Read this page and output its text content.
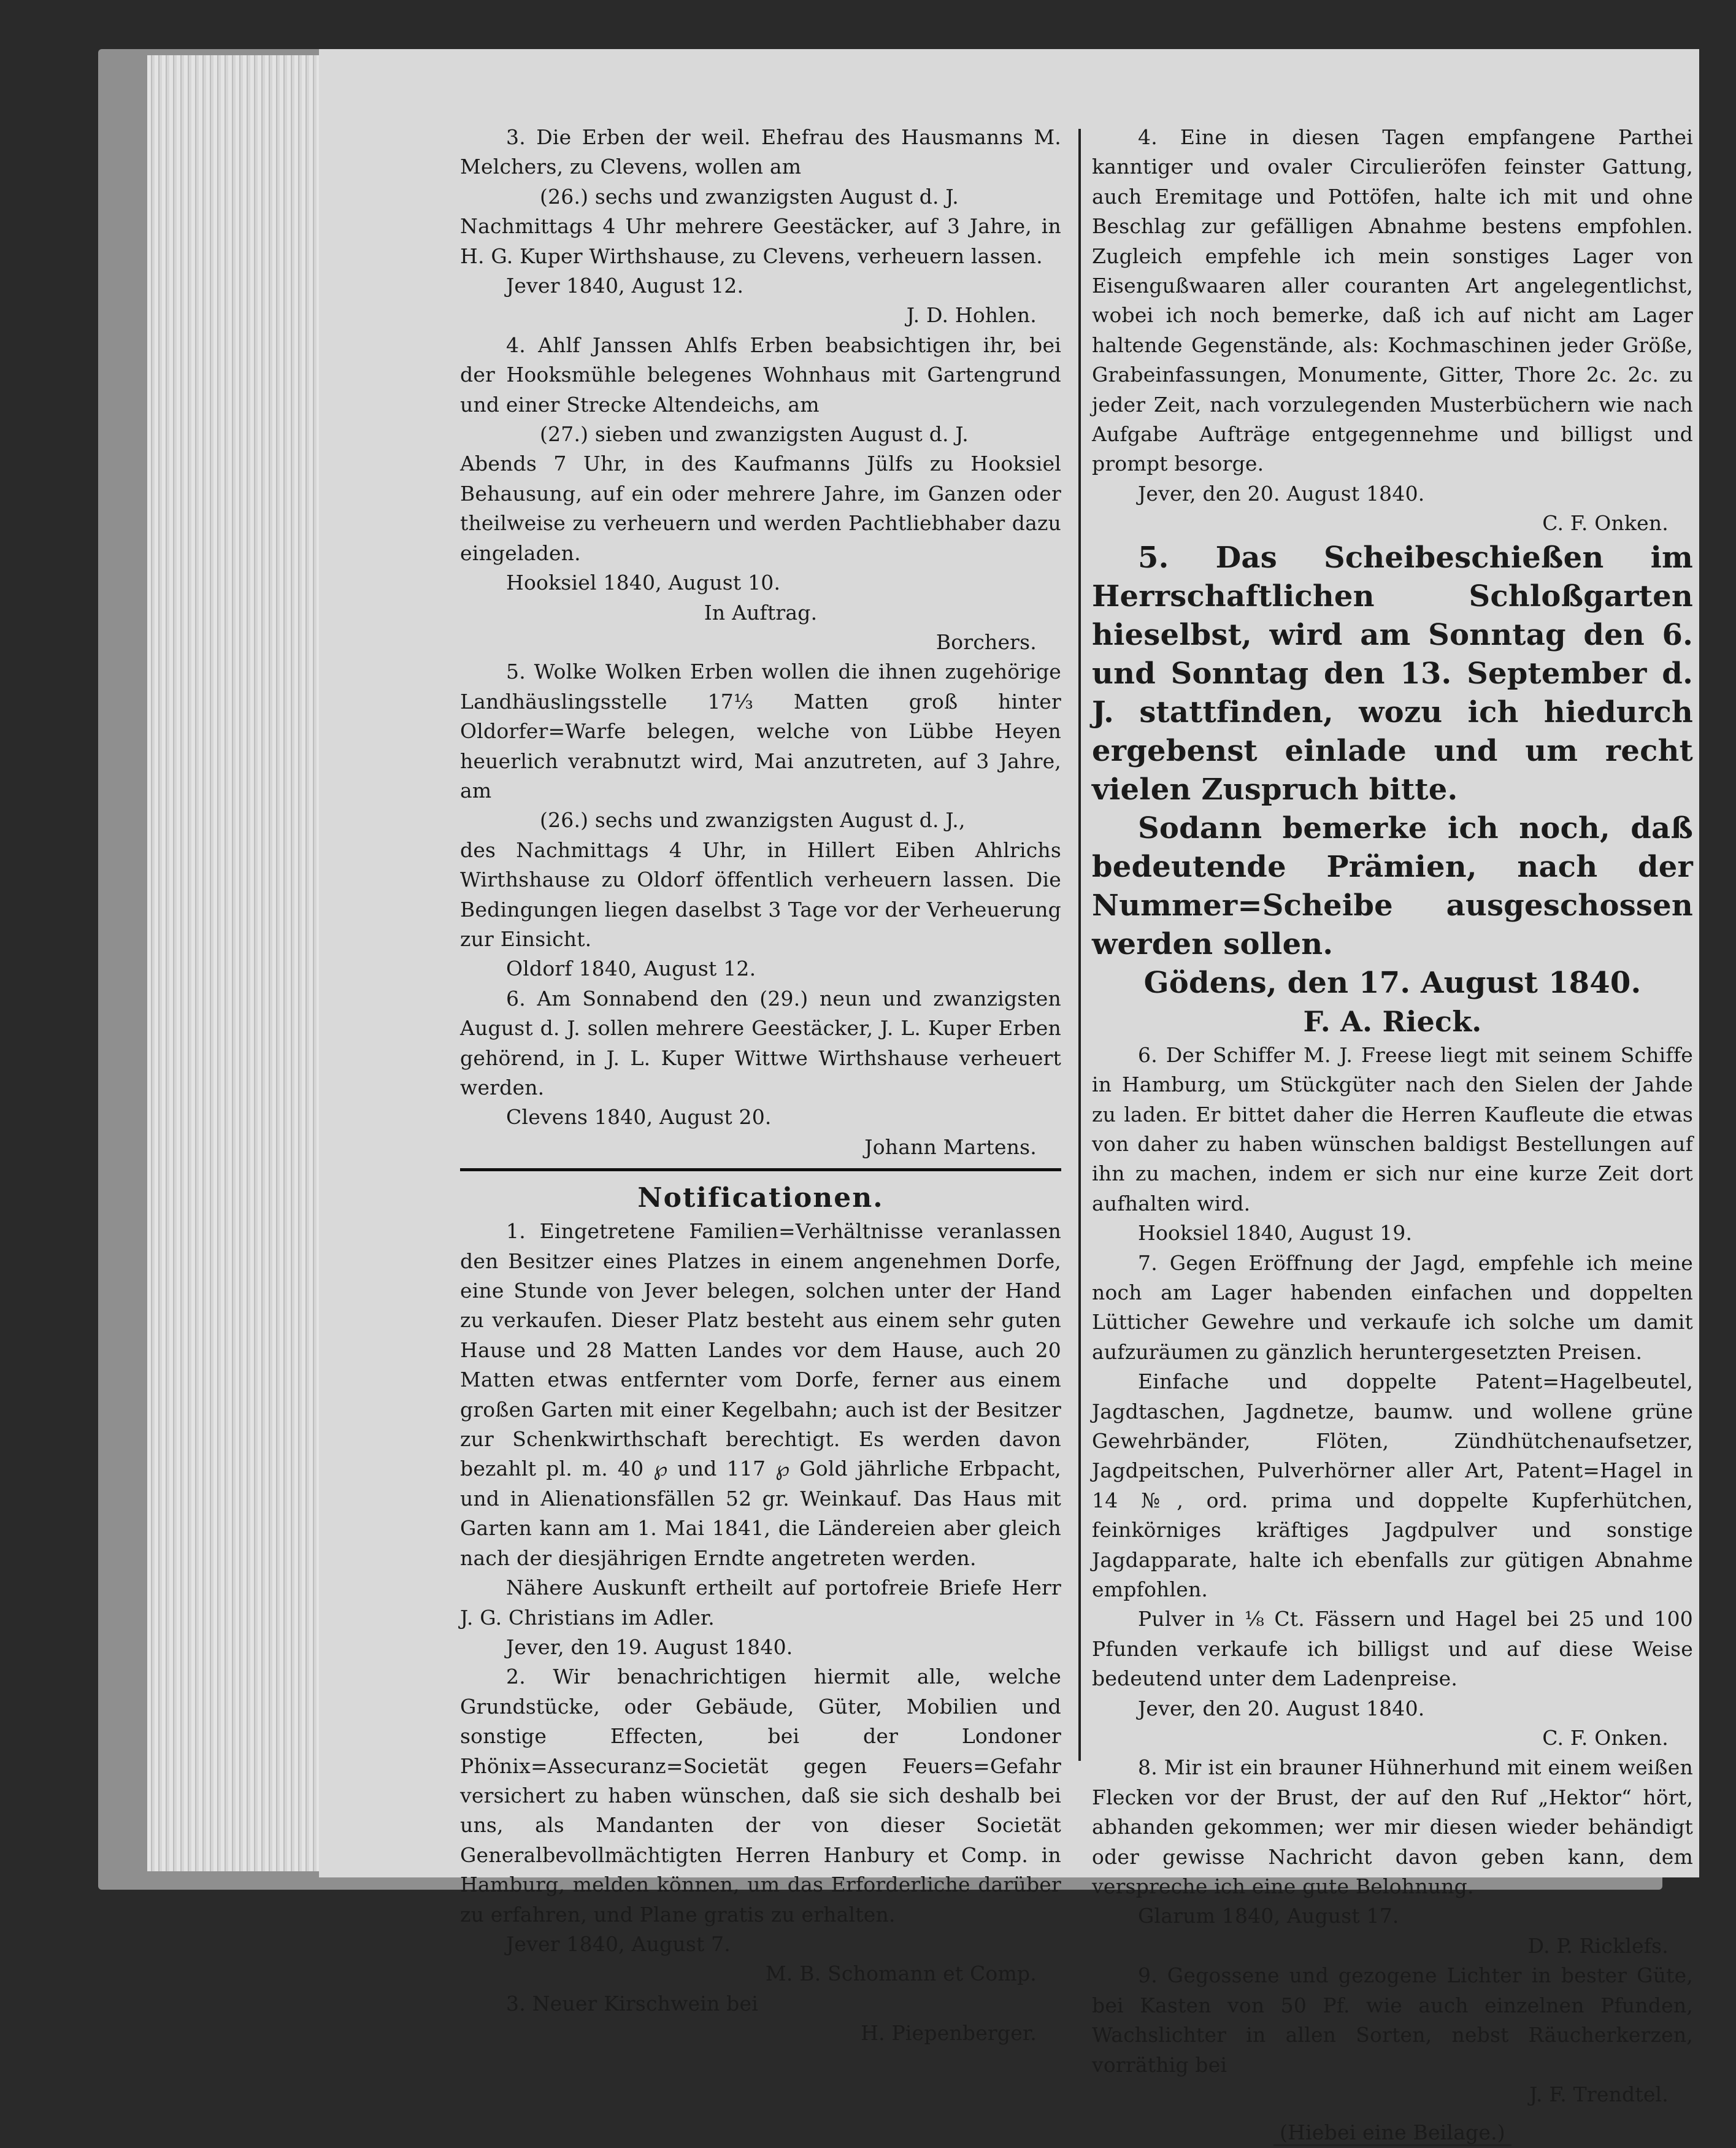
3. Die Erben der weil. Ehefrau des Hausmanns M. Melchers, zu Clevens, wollen am

(26.) sechs und zwanzigsten August d. J.

Nachmittags 4 Uhr mehrere Geestäcker, auf 3 Jahre, in H. G. Kuper Wirthshause, zu Clevens, verheuern lassen.

Jever 1840, August 12.

J. D. Hohlen.

4. Ahlf Janssen Ahlfs Erben beabsichtigen ihr, bei der Hooksmühle belegenes Wohnhaus mit Gartengrund und einer Strecke Altendeichs, am

(27.) sieben und zwanzigsten August d. J.

Abends 7 Uhr, in des Kaufmanns Jülfs zu Hooksiel Behausung, auf ein oder mehrere Jahre, im Ganzen oder theilweise zu verheuern und werden Pachtliebhaber dazu eingeladen.

Hooksiel 1840, August 10.

In Auftrag.

Borchers.

5. Wolke Wolken Erben wollen die ihnen zugehörige Landhäuslingsstelle 17⅓ Matten groß hinter Oldorfer=Warfe belegen, welche von Lübbe Heyen heuerlich verabnutzt wird, Mai anzutreten, auf 3 Jahre, am

(26.) sechs und zwanzigsten August d. J.,

des Nachmittags 4 Uhr, in Hillert Eiben Ahlrichs Wirthshause zu Oldorf öffentlich verheuern lassen. Die Bedingungen liegen daselbst 3 Tage vor der Verheuerung zur Einsicht.

Oldorf 1840, August 12.

6. Am Sonnabend den (29.) neun und zwanzigsten August d. J. sollen mehrere Geestäcker, J. L. Kuper Erben gehörend, in J. L. Kuper Wittwe Wirthshause verheuert werden.

Clevens 1840, August 20.

Johann Martens.

Notificationen.

1. Eingetretene Familien=Verhältnisse veranlassen den Besitzer eines Platzes in einem angenehmen Dorfe, eine Stunde von Jever belegen, solchen unter der Hand zu verkaufen. Dieser Platz besteht aus einem sehr guten Hause und 28 Matten Landes vor dem Hause, auch 20 Matten etwas entfernter vom Dorfe, ferner aus einem großen Garten mit einer Kegelbahn; auch ist der Besitzer zur Schenkwirthschaft berechtigt. Es werden davon bezahlt pl. m. 40 ℘ und 117 ℘ Gold jährliche Erbpacht, und in Alienationsfällen 52 gr. Weinkauf. Das Haus mit Garten kann am 1. Mai 1841, die Ländereien aber gleich nach der diesjährigen Erndte angetreten werden.

Nähere Auskunft ertheilt auf portofreie Briefe Herr J. G. Christians im Adler.

Jever, den 19. August 1840.

2. Wir benachrichtigen hiermit alle, welche Grundstücke, oder Gebäude, Güter, Mobilien und sonstige Effecten, bei der Londoner Phönix=Assecuranz=Societät gegen Feuers=Gefahr versichert zu haben wünschen, daß sie sich deshalb bei uns, als Mandanten der von dieser Societät Generalbevollmächtigten Herren Hanbury et Comp. in Hamburg, melden können, um das Erforderliche darüber zu erfahren, und Plane gratis zu erhalten.

Jever 1840, August 7.

M. B. Schomann et Comp.

3. Neuer Kirschwein bei

H. Piepenberger.

4. Eine in diesen Tagen empfangene Parthei kanntiger und ovaler Circulieröfen feinster Gattung, auch Eremitage und Pottöfen, halte ich mit und ohne Beschlag zur gefälligen Abnahme bestens empfohlen. Zugleich empfehle ich mein sonstiges Lager von Eisengußwaaren aller couranten Art angelegentlichst, wobei ich noch bemerke, daß ich auf nicht am Lager haltende Gegenstände, als: Kochmaschinen jeder Größe, Grabeinfassungen, Monumente, Gitter, Thore 2c. 2c. zu jeder Zeit, nach vorzulegenden Musterbüchern wie nach Aufgabe Aufträge entgegennehme und billigst und prompt besorge.

Jever, den 20. August 1840.

C. F. Onken.

5. Das Scheibeschießen im Herrschaftlichen Schloßgarten hieselbst, wird am Sonntag den 6. und Sonntag den 13. September d. J. stattfinden, wozu ich hiedurch ergebenst einlade und um recht vielen Zuspruch bitte.

Sodann bemerke ich noch, daß bedeutende Prämien, nach der Nummer=Scheibe ausgeschossen werden sollen.

Gödens, den 17. August 1840.

F. A. Rieck.

6. Der Schiffer M. J. Freese liegt mit seinem Schiffe in Hamburg, um Stückgüter nach den Sielen der Jahde zu laden. Er bittet daher die Herren Kaufleute die etwas von daher zu haben wünschen baldigst Bestellungen auf ihn zu machen, indem er sich nur eine kurze Zeit dort aufhalten wird.

Hooksiel 1840, August 19.

7. Gegen Eröffnung der Jagd, empfehle ich meine noch am Lager habenden einfachen und doppelten Lütticher Gewehre und verkaufe ich solche um damit aufzuräumen zu gänzlich heruntergesetzten Preisen.

Einfache und doppelte Patent=Hagelbeutel, Jagdtaschen, Jagdnetze, baumw. und wollene grüne Gewehrbänder, Flöten, Zündhütchenaufsetzer, Jagdpeitschen, Pulverhörner aller Art, Patent=Hagel in 14 №, ord. prima und doppelte Kupferhütchen, feinkörniges kräftiges Jagdpulver und sonstige Jagdapparate, halte ich ebenfalls zur gütigen Abnahme empfohlen.

Pulver in ⅛ Ct. Fässern und Hagel bei 25 und 100 Pfunden verkaufe ich billigst und auf diese Weise bedeutend unter dem Ladenpreise.

Jever, den 20. August 1840.

C. F. Onken.

8. Mir ist ein brauner Hühnerhund mit einem weißen Flecken vor der Brust, der auf den Ruf „Hektor“ hört, abhanden gekommen; wer mir diesen wieder behändigt oder gewisse Nachricht davon geben kann, dem verspreche ich eine gute Belohnung.

Glarum 1840, August 17.

D. P. Ricklefs.

9. Gegossene und gezogene Lichter in bester Güte, bei Kasten von 50 Pf. wie auch einzelnen Pfunden, Wachslichter in allen Sorten, nebst Räucherkerzen, vorräthig bei

J. F. Trendtel.

(Hiebei eine Beilage.)
